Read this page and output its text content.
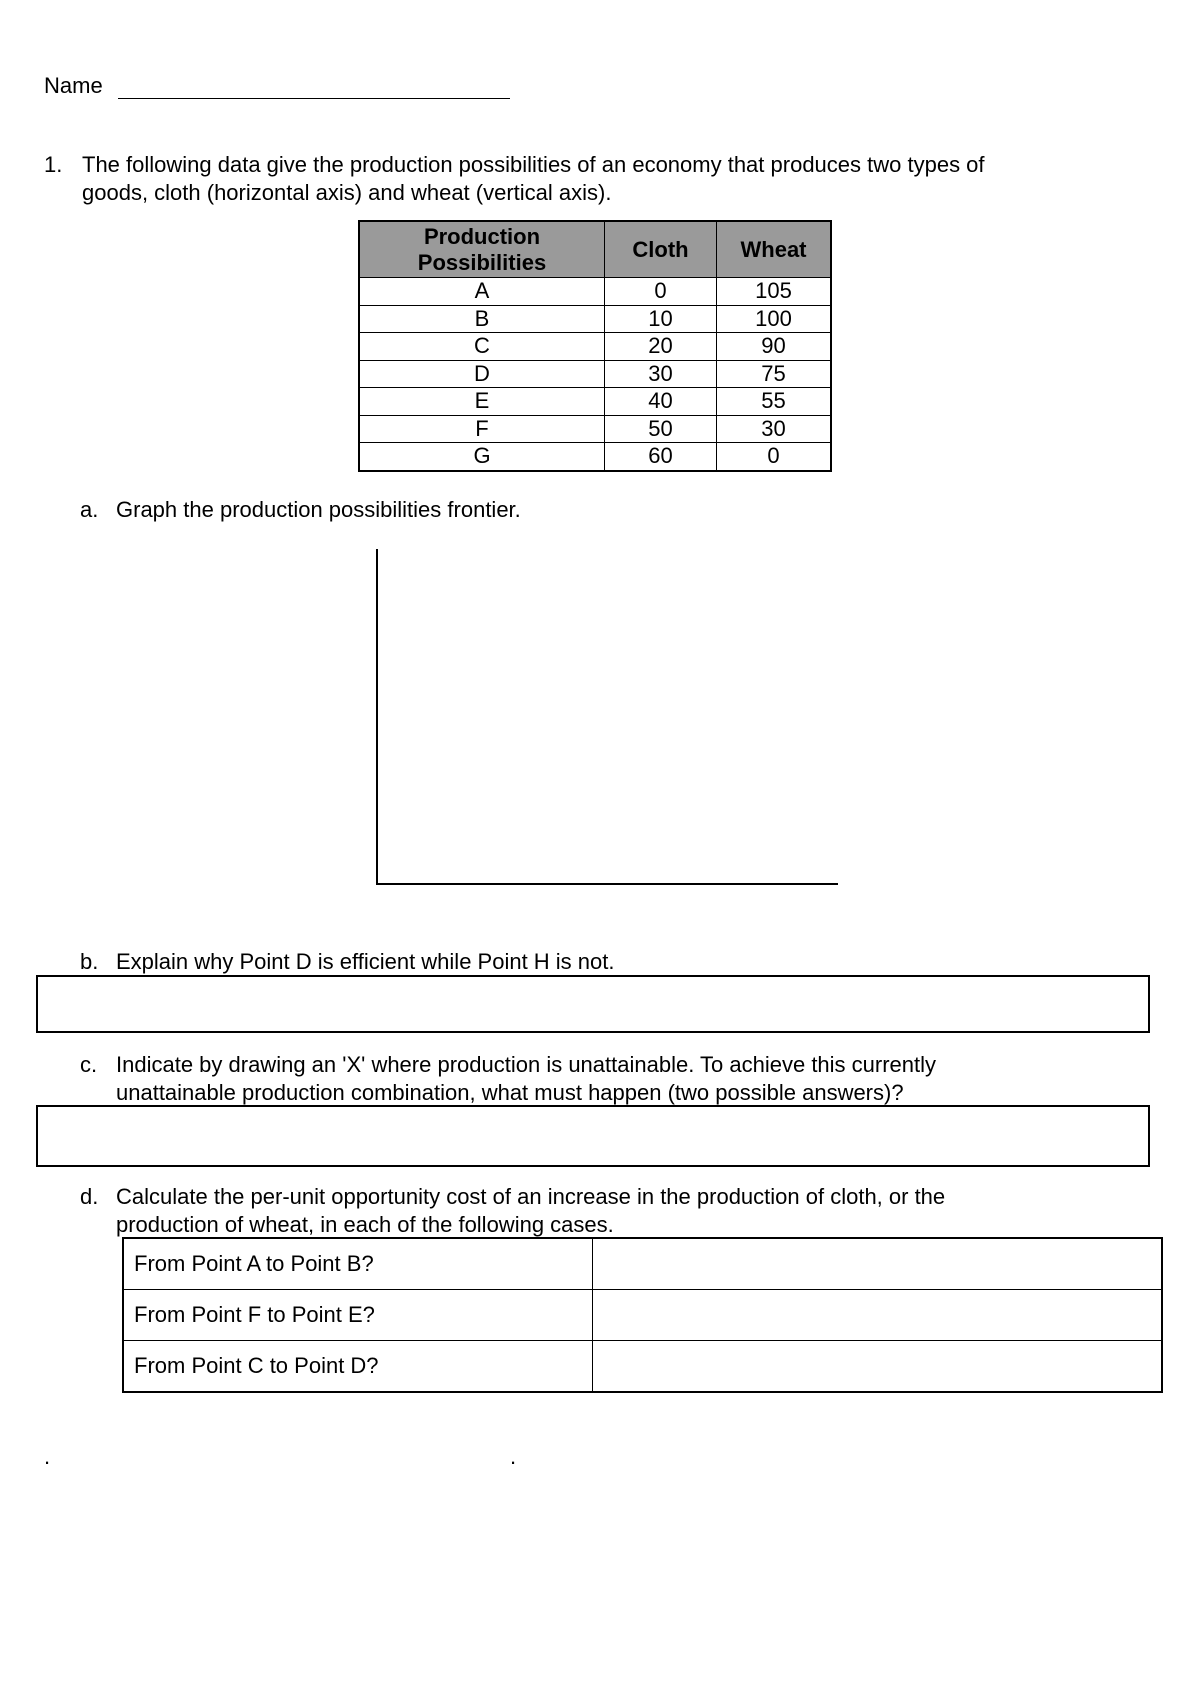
Name
1. The following data give the production possibilities of an economy that produces two types of
goods, cloth (horizontal axis) and wheat (vertical axis).
Production
Possibilities	Cloth	Wheat
A	0	105
B	10	100
C	20	90
D	30	75
E	40	55
F	50	30
G	60	0
a. Graph the production possibilities frontier.
b. Explain why Point D is efficient while Point H is not.
c. Indicate by drawing an 'X' where production is unattainable. To achieve this currently
unattainable production combination, what must happen (two possible answers)?
d. Calculate the per-unit opportunity cost of an increase in the production of cloth, or the
production of wheat, in each of the following cases.
From Point A to Point B?	
From Point F to Point E?	
From Point C to Point D?	
.	.
